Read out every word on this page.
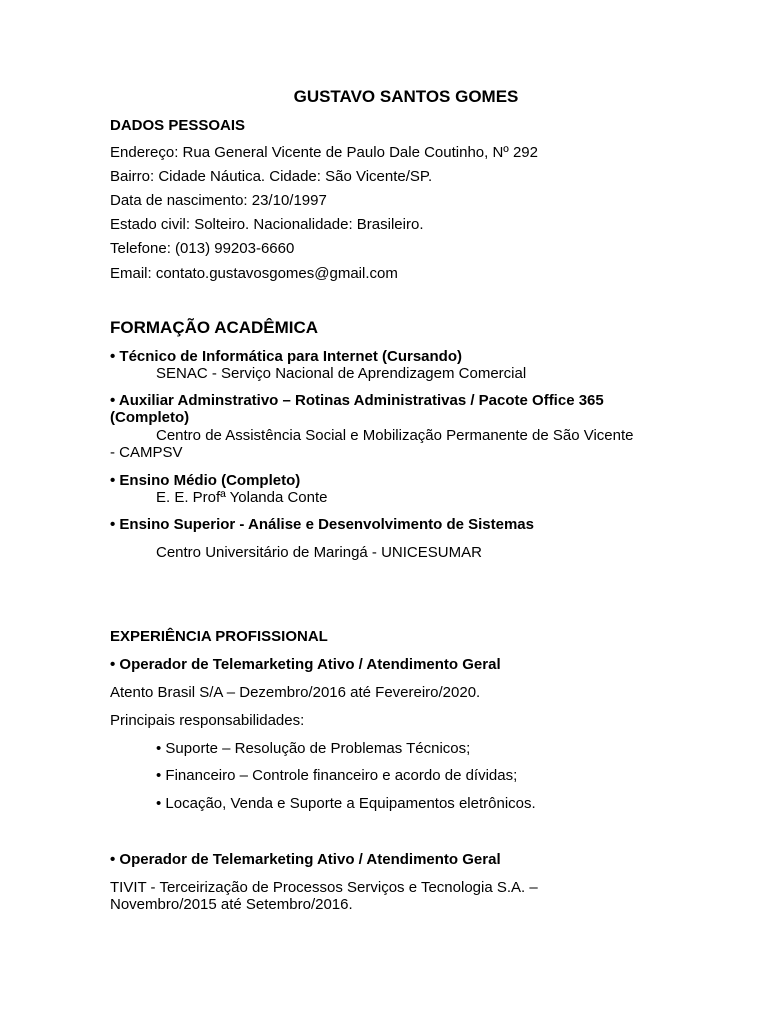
GUSTAVO SANTOS GOMES
DADOS PESSOAIS
Endereço: Rua General Vicente de Paulo Dale Coutinho, Nº 292
Bairro: Cidade Náutica. Cidade: São Vicente/SP.
Data de nascimento: 23/10/1997
Estado civil: Solteiro. Nacionalidade: Brasileiro.
Telefone: (013) 99203-6660
Email: contato.gustavosgomes@gmail.com
FORMAÇÃO ACADÊMICA
• Técnico de Informática para Internet (Cursando)
SENAC - Serviço Nacional de Aprendizagem Comercial
• Auxiliar Adminstrativo – Rotinas Administrativas / Pacote Office 365
(Completo)
Centro de Assistência Social e Mobilização Permanente de São Vicente
- CAMPSV
• Ensino Médio (Completo)
E. E. Profª Yolanda Conte
• Ensino Superior - Análise e Desenvolvimento de Sistemas
Centro Universitário de Maringá - UNICESUMAR
EXPERIÊNCIA PROFISSIONAL
• Operador de Telemarketing Ativo / Atendimento Geral
Atento Brasil S/A – Dezembro/2016 até Fevereiro/2020.
Principais responsabilidades:
• Suporte – Resolução de Problemas Técnicos;
• Financeiro – Controle financeiro e acordo de dívidas;
• Locação, Venda e Suporte a Equipamentos eletrônicos.
• Operador de Telemarketing Ativo / Atendimento Geral
TIVIT - Terceirização de Processos Serviços e Tecnologia S.A. –
Novembro/2015 até Setembro/2016.
